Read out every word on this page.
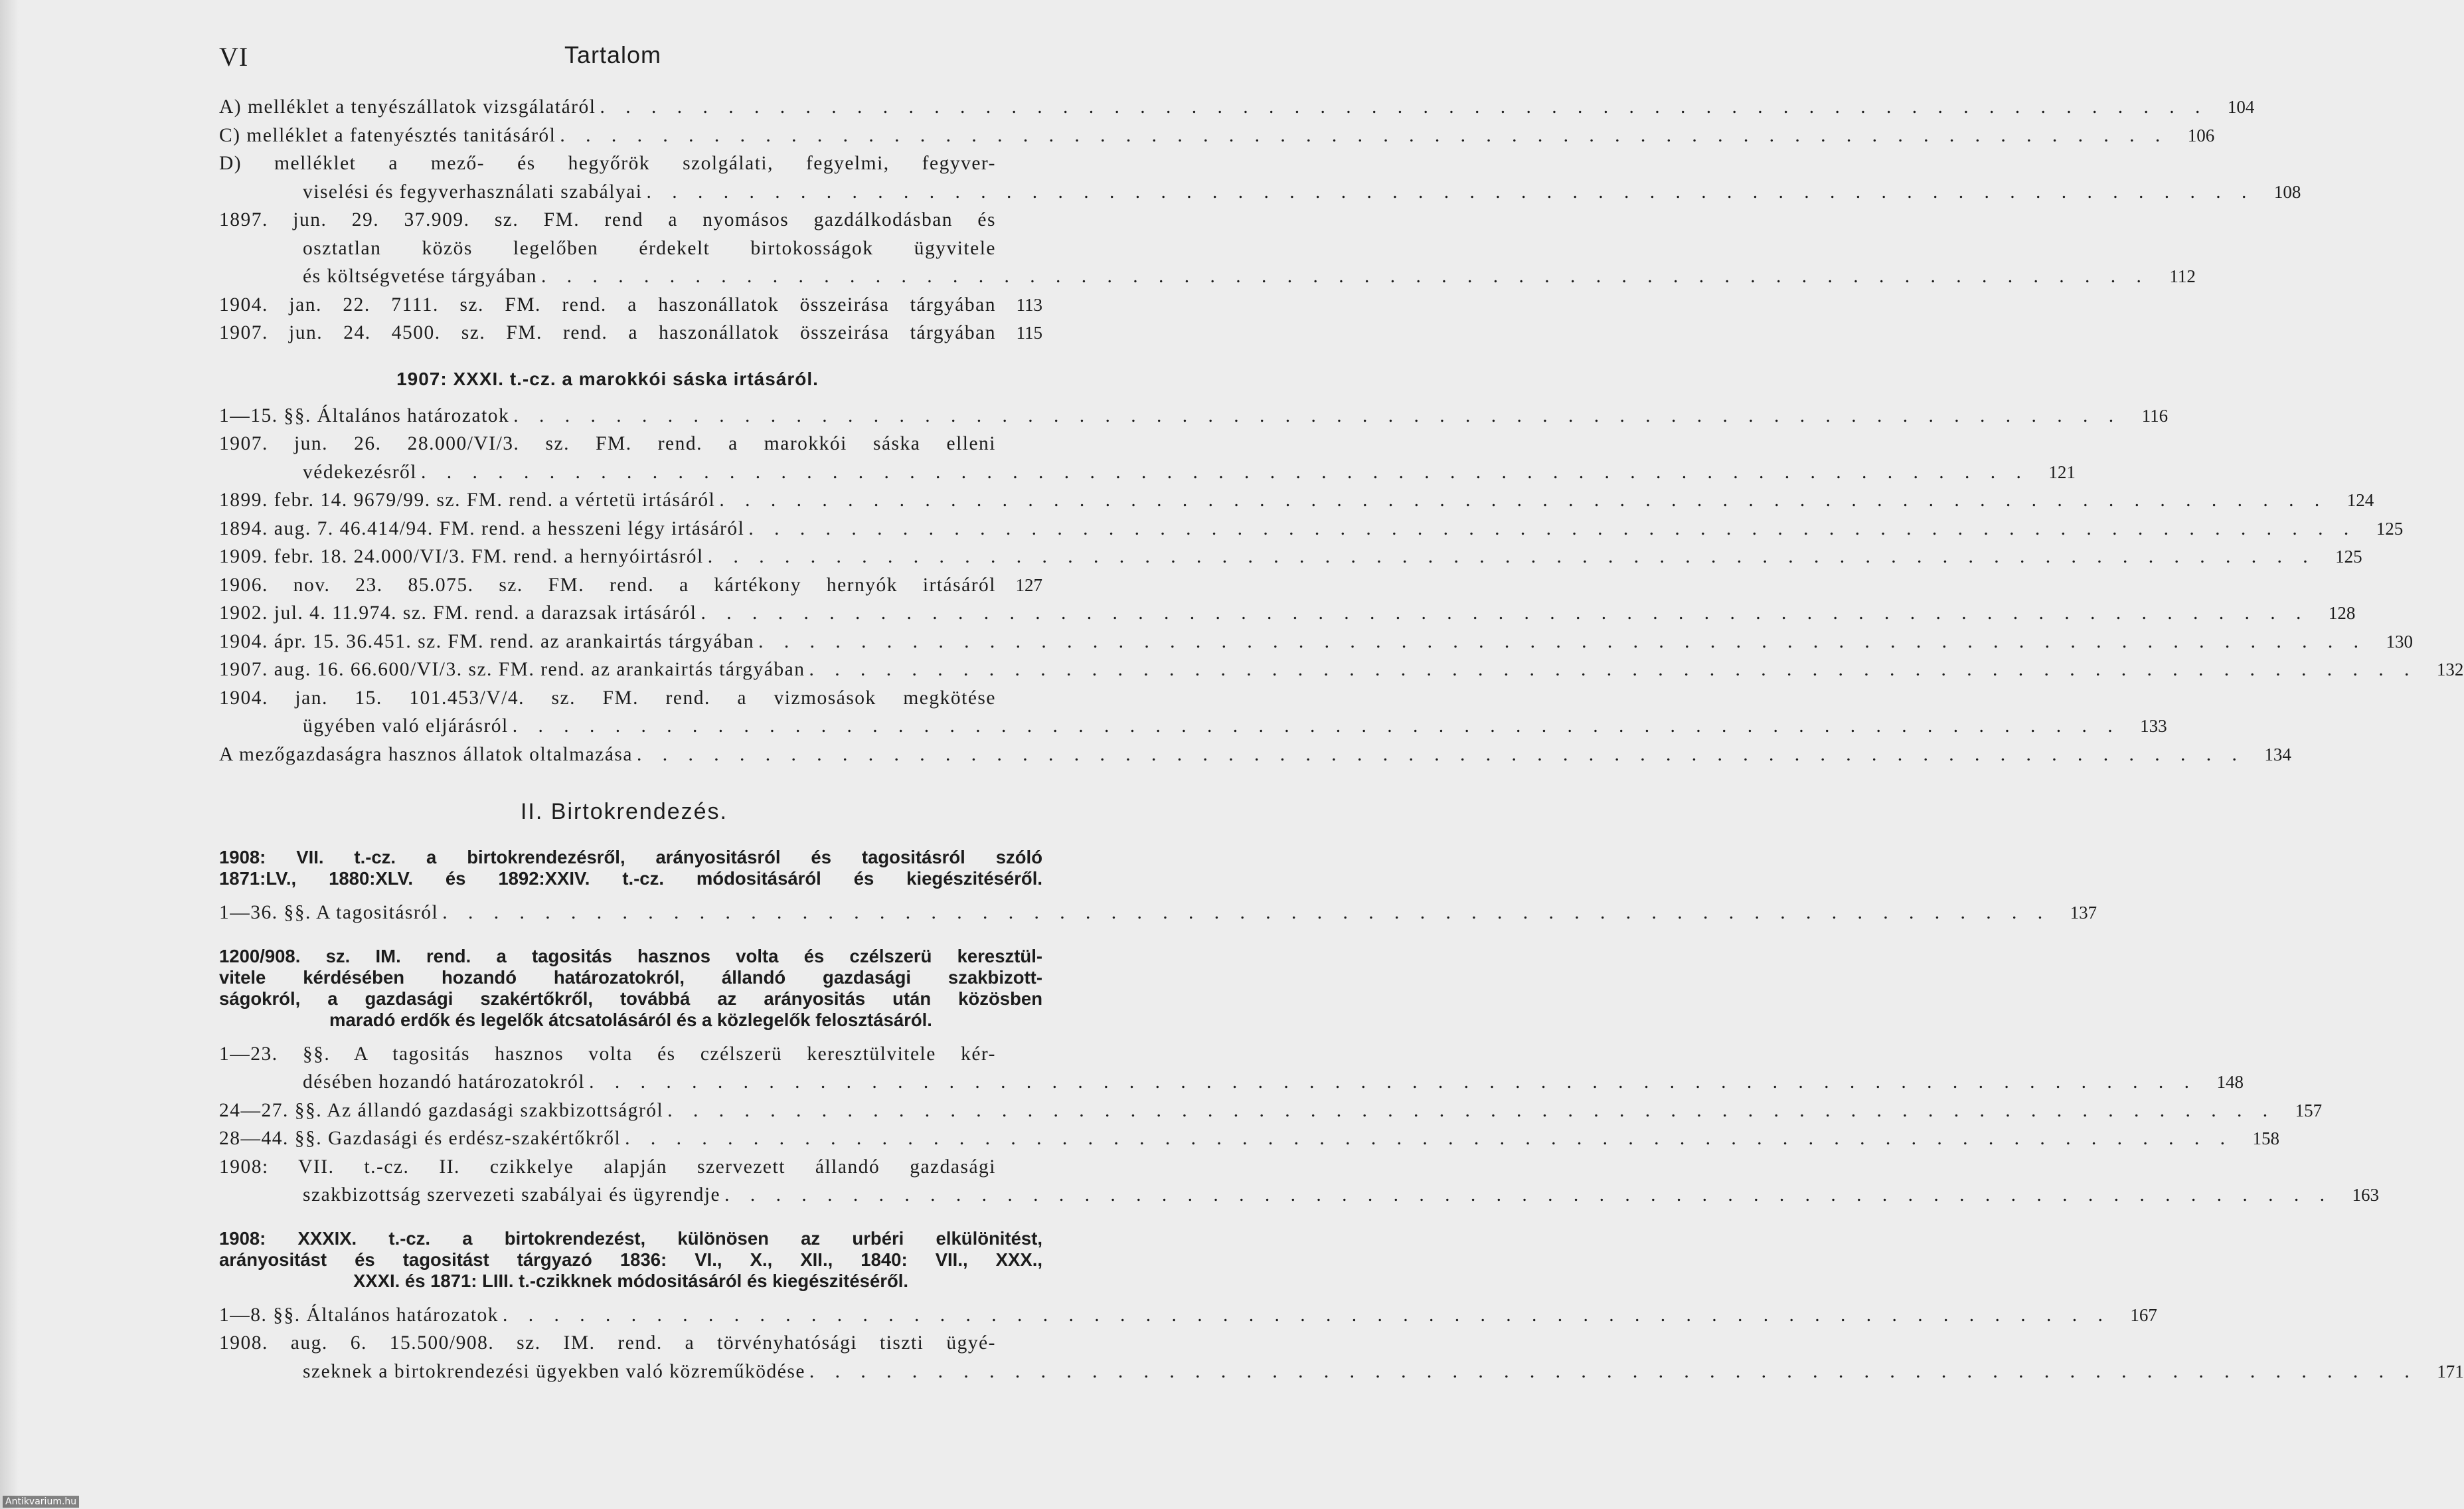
VI	Tartalom
A) melléklet a tenyészállatok vizsgálatáról . . .	104
C) melléklet a fatenyésztés tanitásáról . . .	106
D) melléklet a mező- és hegyőrök szolgálati, fegyelmi, fegyver-
viselési és fegyverhasználati szabályai . . .	108
1897. jun. 29. 37.909. sz. FM. rend a nyomásos gazdálkodásban és
osztatlan közös legelőben érdekelt birtokosságok ügyvitele
és költségvetése tárgyában . . .	112
1904. jan. 22. 7111. sz. FM. rend. a haszonállatok összeirása tárgyában	113
1907. jun. 24. 4500. sz. FM. rend. a haszonállatok összeirása tárgyában	115
1907: XXXI. t.-cz. a marokkói sáska irtásáról.
1—15. §§. Általános határozatok . . .	116
1907. jun. 26. 28.000/VI/3. sz. FM. rend. a marokkói sáska elleni
védekezésről . . .	121
1899. febr. 14. 9679/99. sz. FM. rend. a vértetü irtásáról . . .	124
1894. aug. 7. 46.414/94. FM. rend. a hesszeni légy irtásáról . . .	125
1909. febr. 18. 24.000/VI/3. FM. rend. a hernyóirtásról . . .	125
1906. nov. 23. 85.075. sz. FM. rend. a kártékony hernyók irtásáról	127
1902. jul. 4. 11.974. sz. FM. rend. a darazsak irtásáról . . .	128
1904. ápr. 15. 36.451. sz. FM. rend. az arankairtás tárgyában . . .	130
1907. aug. 16. 66.600/VI/3. sz. FM. rend. az arankairtás tárgyában . . .	132
1904. jan. 15. 101.453/V/4. sz. FM. rend. a vizmosások megkötése
ügyében való eljárásról . . .	133
A mezőgazdaságra hasznos állatok oltalmazása . . .	134
II. Birtokrendezés.
1908: VII. t.-cz. a birtokrendezésről, arányositásról és tagositásról szóló
1871:LV., 1880:XLV. és 1892:XXIV. t.-cz. módositásáról és kiegészitéséről.
1—36. §§. A tagositásról . . .	137
1200/908. sz. IM. rend. a tagositás hasznos volta és czélszerü keresztül-
vitele kérdésében hozandó határozatokról, állandó gazdasági szakbizott-
ságokról, a gazdasági szakértőkről, továbbá az arányositás után közösben
maradó erdők és legelők átcsatolásáról és a közlegelők felosztásáról.
1—23. §§. A tagositás hasznos volta és czélszerü keresztülvitele kér-
désében hozandó határozatokról . . .	148
24—27. §§. Az állandó gazdasági szakbizottságról . . .	157
28—44. §§. Gazdasági és erdész-szakértőkről . . .	158
1908: VII. t.-cz. II. czikkelye alapján szervezett állandó gazdasági
szakbizottság szervezeti szabályai és ügyrendje . . .	163
1908: XXXIX. t.-cz. a birtokrendezést, különösen az urbéri elkülönitést,
arányositást és tagositást tárgyazó 1836: VI., X., XII., 1840: VII., XXX.,
XXXI. és 1871: LIII. t.-czikknek módositásáról és kiegészitéséről.
1—8. §§. Általános határozatok . . .	167
1908. aug. 6. 15.500/908. sz. IM. rend. a törvényhatósági tiszti ügyé-
szeknek a birtokrendezési ügyekben való közreműködése . . .	171
Antikvarium.hu
